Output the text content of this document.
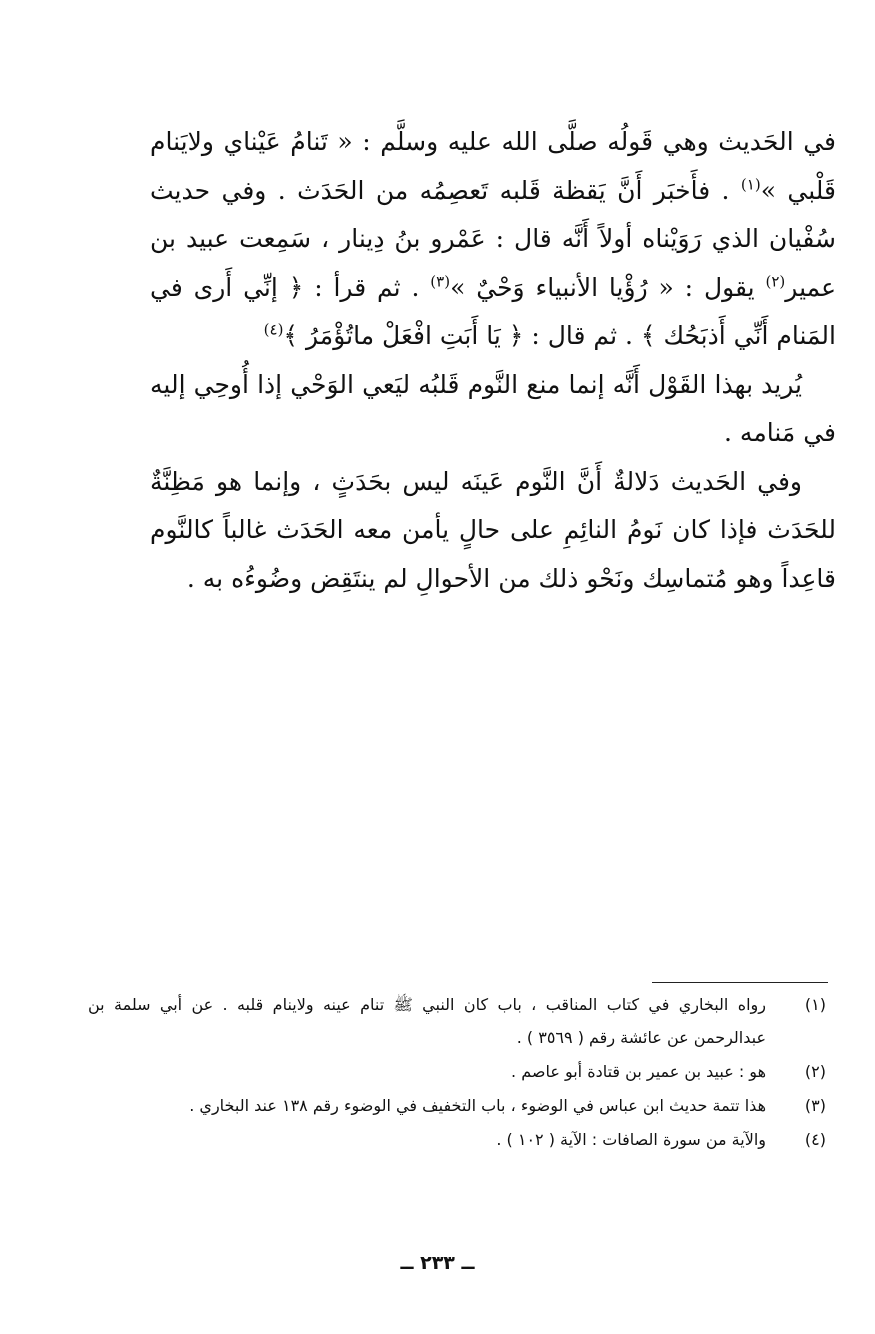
في الحَديث وهي قَولُه صلَّى الله عليه وسلَّم : « تَنامُ عَيْناي ولايَنام قَلْبي »$^{(١)}$ . فأَخبَر أَنَّ يَقظة قَلبه تَعصِمُه من الحَدَث . وفي حديث سُفْيان الذي رَوَيْناه أولاً أَنَّه قال : عَمْرو بنُ دِينار ، سَمِعت عبيد بن عمير$^{(٢)}$ يقول : « رُؤْيا الأنبياء وَحْيٌ »$^{(٣)}$ . ثم قرأ : ﴿ إنِّي أَرى في المَنام أَنِّي أَذبَحُك ﴾ . ثم قال : ﴿ يَا أَبَتِ افْعَلْ ماتُؤْمَرُ ﴾$^{(٤)}$

يُريد بهذا القَوْل أَنَّه إنما منع النَّوم قَلبُه ليَعي الوَحْي إذا أُوحِي إليه في مَنامه .

وفي الحَديث دَلالةٌ أَنَّ النَّوم عَينَه ليس بحَدَثٍ ، وإنما هو مَظِنَّةٌ للحَدَث فإذا كان نَومُ النائِمِ على حالٍ يأمن معه الحَدَث غالباً كالنَّوم قاعِداً وهو مُتماسِك ونَحْو ذلك من الأحوالِ لم ينتَقِض وضُوءُه به .

(١)
رواه البخاري في كتاب المناقب ، باب كان النبي ﷺ تنام عينه ولاينام قلبه . عن أبي سلمة بن عبدالرحمن عن عائشة رقم ( ٣٥٦٩ ) .
(٢)
هو : عبيد بن عمير بن قتادة أبو عاصم .
(٣)
هذا تتمة حديث ابن عباس في الوضوء ، باب التخفيف في الوضوء رقم ١٣٨ عند البخاري .
(٤)
والآية من سورة الصافات : الآية ( ١٠٢ ) .
ــ ٢٣٣ ــ
